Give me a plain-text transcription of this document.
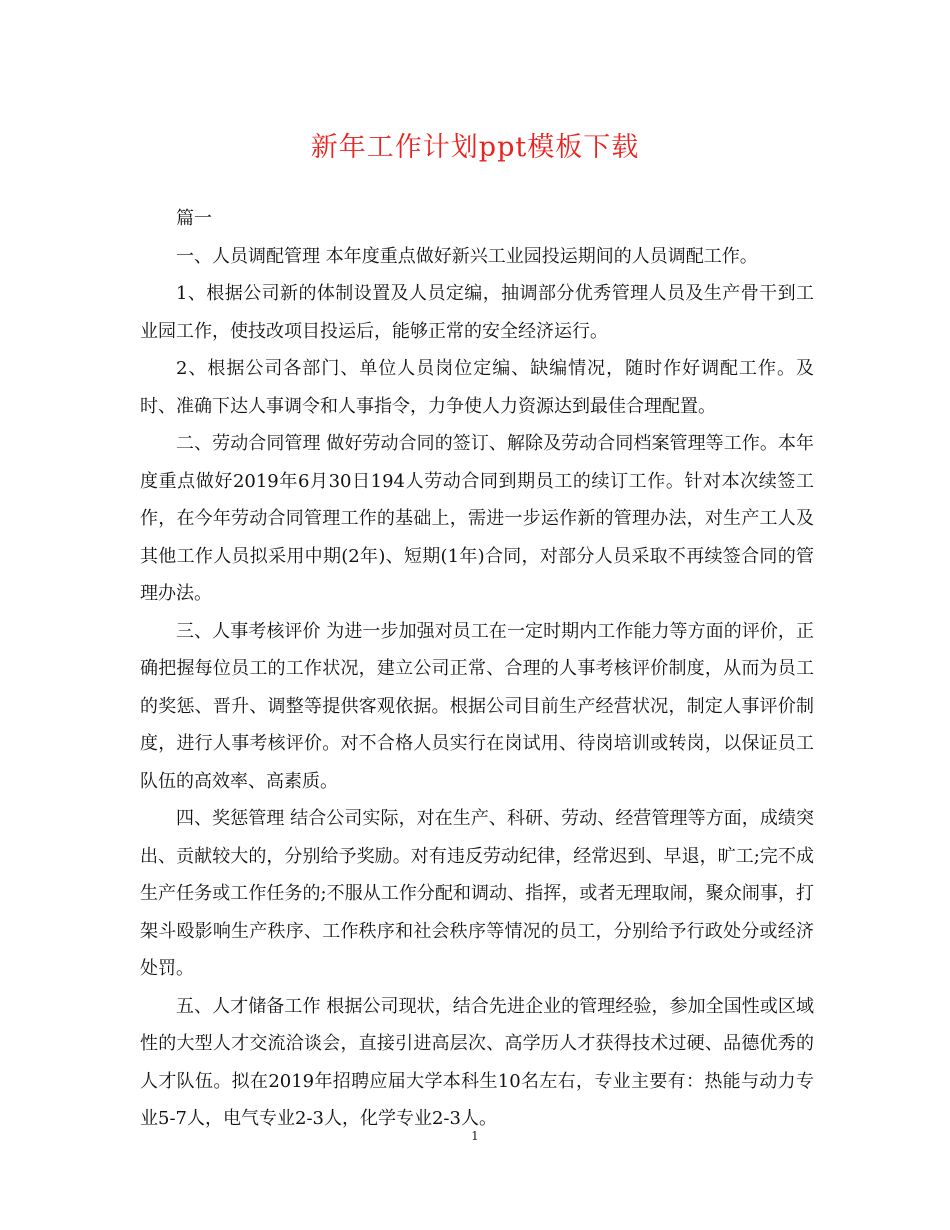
新年工作计划ppt模板下载

篇一

一、人员调配管理 本年度重点做好新兴工业园投运期间的人员调配工作。

1、根据公司新的体制设置及人员定编，抽调部分优秀管理人员及生产骨干到工业园工作，使技改项目投运后，能够正常的安全经济运行。

2、根据公司各部门、单位人员岗位定编、缺编情况，随时作好调配工作。及时、准确下达人事调令和人事指令，力争使人力资源达到最佳合理配置。

二、劳动合同管理 做好劳动合同的签订、解除及劳动合同档案管理等工作。本年度重点做好2019年6月30日194人劳动合同到期员工的续订工作。针对本次续签工作，在今年劳动合同管理工作的基础上，需进一步运作新的管理办法，对生产工人及其他工作人员拟采用中期(2年)、短期(1年)合同，对部分人员采取不再续签合同的管理办法。

三、人事考核评价 为进一步加强对员工在一定时期内工作能力等方面的评价，正确把握每位员工的工作状况，建立公司正常、合理的人事考核评价制度，从而为员工的奖惩、晋升、调整等提供客观依据。根据公司目前生产经营状况，制定人事评价制度，进行人事考核评价。对不合格人员实行在岗试用、待岗培训或转岗，以保证员工队伍的高效率、高素质。

四、奖惩管理 结合公司实际，对在生产、科研、劳动、经营管理等方面，成绩突出、贡献较大的，分别给予奖励。对有违反劳动纪律，经常迟到、早退，旷工;完不成生产任务或工作任务的;不服从工作分配和调动、指挥，或者无理取闹，聚众闹事，打架斗殴影响生产秩序、工作秩序和社会秩序等情况的员工，分别给予行政处分或经济处罚。

五、人才储备工作 根据公司现状，结合先进企业的管理经验，参加全国性或区域性的大型人才交流洽谈会，直接引进高层次、高学历人才获得技术过硬、品德优秀的人才队伍。拟在2019年招聘应届大学本科生10名左右，专业主要有：热能与动力专业5-7人，电气专业2-3人，化学专业2-3人。

1
